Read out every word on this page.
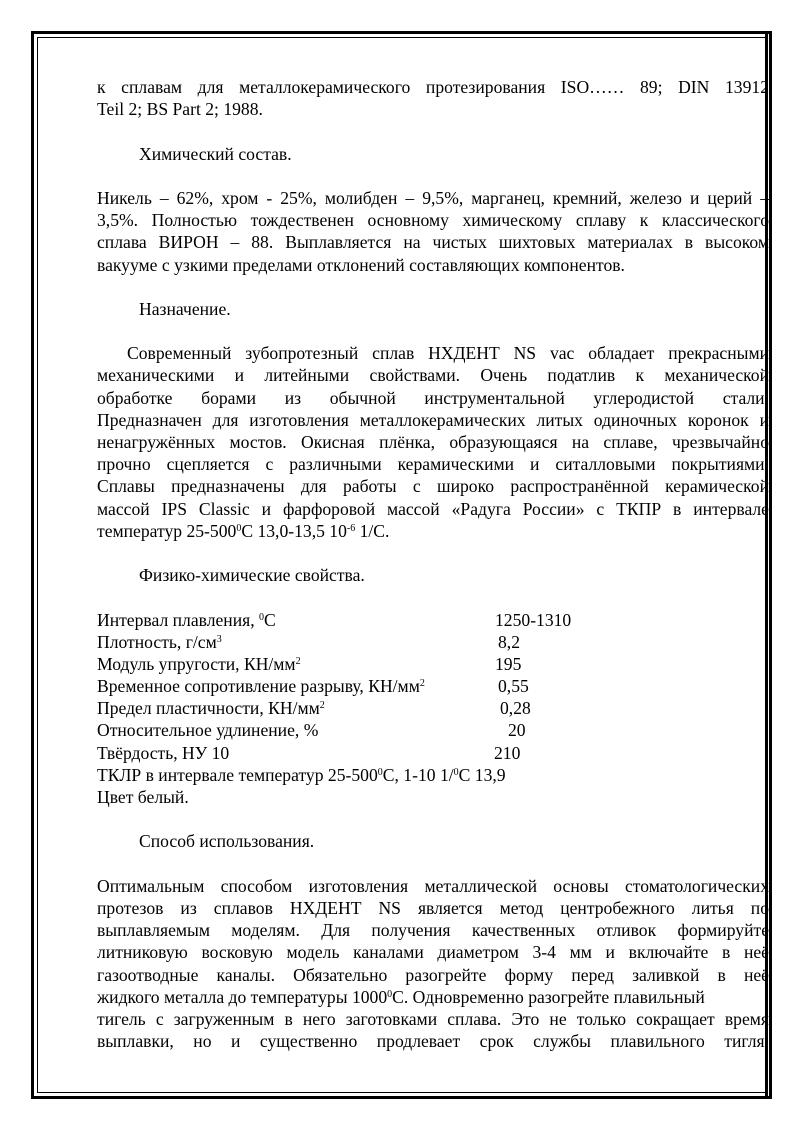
к сплавам для металлокерамического протезирования ISO…… 89; DIN 13912
Teil 2; BS Part 2; 1988.
Химический состав.
Никель – 62%, хром - 25%, молибден – 9,5%, марганец, кремний, железо и церий –
3,5%. Полностью тождественен основному химическому сплаву к классического
сплава ВИРОН – 88. Выплавляется на чистых шихтовых материалах в высоком
вакууме с узкими пределами отклонений составляющих компонентов.
Назначение.
Современный зубопротезный сплав НХДЕНТ NS vac обладает прекрасными
механическими и литейными свойствами. Очень податлив к механической
обработке борами из обычной инструментальной углеродистой стали.
Предназначен для изготовления металлокерамических литых одиночных коронок и
ненагружённых мостов. Окисная плёнка, образующаяся на сплаве, чрезвычайно
прочно сцепляется с различными керамическими и ситалловыми покрытиями.
Сплавы предназначены для работы с широко распространённой керамической
массой IPS Classic и фарфоровой массой «Радуга России» с ТКПР в интервале
температур $25-500^0С$ 13,0-13,5 $10^{-6}$ 1/С.
Физико-химические свойства.
Интервал плавления, $^0$С	1250-1310
Плотность, $г/см^3$	8,2
Модуль упругости, $КН/мм^2$	195
Временное сопротивление разрыву, $КН/мм^2$	0,55
Предел пластичности, $КН/мм^2$	0,28
Относительное удлинение, %	20
Твёрдость, НУ 10	210
ТКЛР в интервале температур $25-500^0С$, 1-10 1/$^0$С 13,9
Цвет белый.
Способ использования.
Оптимальным способом изготовления металлической основы стоматологических
протезов из сплавов НХДЕНТ NS является метод центробежного литья по
выплавляемым моделям. Для получения качественных отливок формируйте
литниковую восковую модель каналами диаметром 3-4 мм и включайте в неё
газоотводные каналы. Обязательно разогрейте форму перед заливкой в неё
жидкого металла до температуры 1000$^0$С. Одновременно разогрейте плавильный
тигель с загруженным в него заготовками сплава. Это не только сокращает время
выплавки, но и существенно продлевает срок службы плавильного тигля.
